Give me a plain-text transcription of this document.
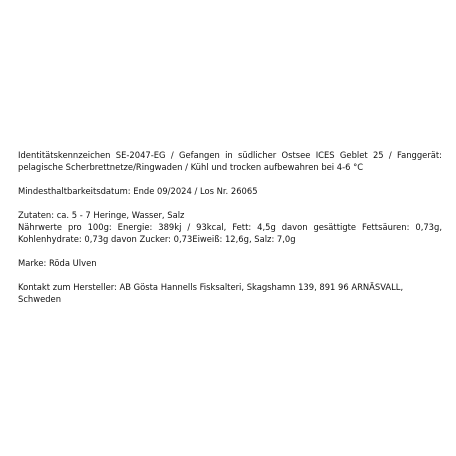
Identitätskennzeichen SE-2047-EG / Gefangen in südlicher Ostsee ICES Geblet 25 / Fanggerät: pelagische Scherbrettnetze/Ringwaden / Kühl und trocken aufbewahren bei 4-6 °C
Mindesthaltbarkeitsdatum: Ende 09/2024 / Los Nr. 26065
Zutaten: ca. 5 - 7 Heringe, Wasser, Salz
Nährwerte pro 100g: Energie: 389kj / 93kcal, Fett: 4,5g davon gesättigte Fettsäuren: 0,73g, Kohlenhydrate: 0,73g davon Zucker: 0,73Eiweiß: 12,6g, Salz: 7,0g
Marke: Röda Ulven
Kontakt zum Hersteller: AB Gösta Hannells Fisksalteri, Skagshamn 139, 891 96 ARNÄSVALL, Schweden
